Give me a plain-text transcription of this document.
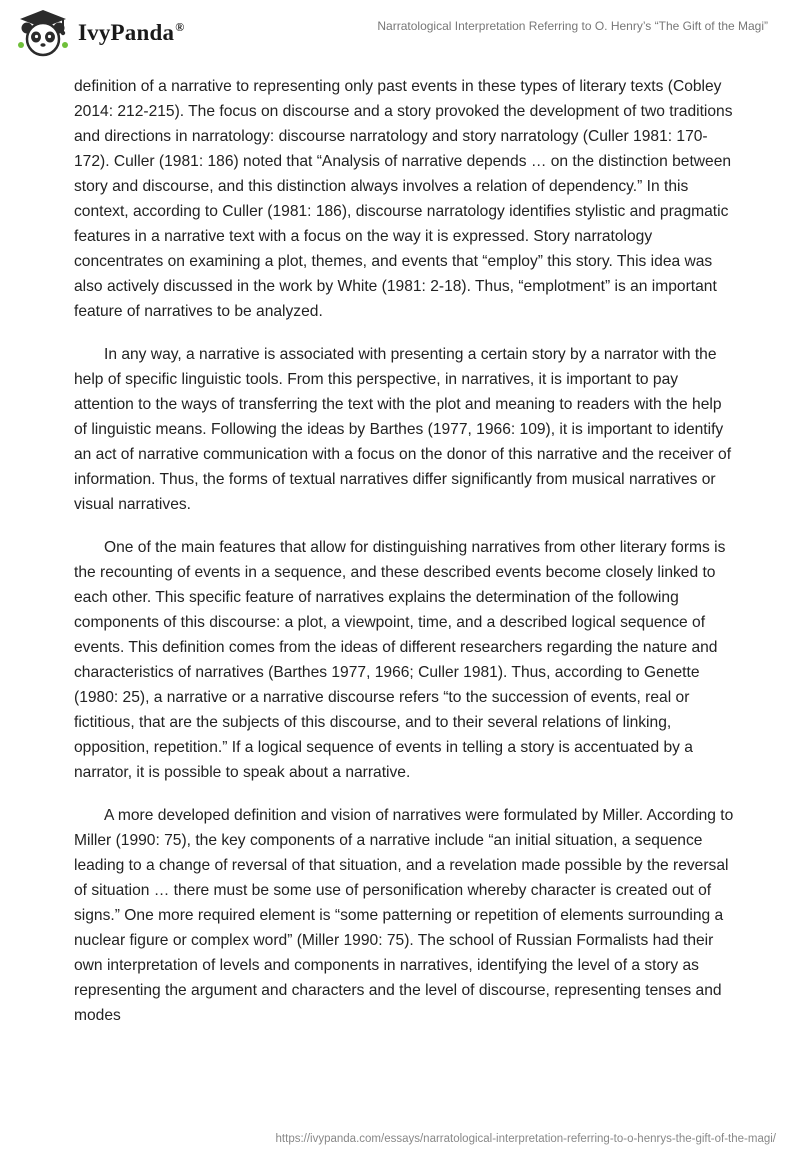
IvyPanda®	Narratological Interpretation Referring to O. Henry’s “The Gift of the Magi”

definition of a narrative to representing only past events in these types of literary texts (Cobley 2014: 212-215). The focus on discourse and a story provoked the development of two traditions and directions in narratology: discourse narratology and story narratology (Culler 1981: 170-172). Culler (1981: 186) noted that “Analysis of narrative depends … on the distinction between story and discourse, and this distinction always involves a relation of dependency.” In this context, according to Culler (1981: 186), discourse narratology identifies stylistic and pragmatic features in a narrative text with a focus on the way it is expressed. Story narratology concentrates on examining a plot, themes, and events that “employ” this story. This idea was also actively discussed in the work by White (1981: 2-18). Thus, “emplotment” is an important feature of narratives to be analyzed.

In any way, a narrative is associated with presenting a certain story by a narrator with the help of specific linguistic tools. From this perspective, in narratives, it is important to pay attention to the ways of transferring the text with the plot and meaning to readers with the help of linguistic means. Following the ideas by Barthes (1977, 1966: 109), it is important to identify an act of narrative communication with a focus on the donor of this narrative and the receiver of information. Thus, the forms of textual narratives differ significantly from musical narratives or visual narratives.

One of the main features that allow for distinguishing narratives from other literary forms is the recounting of events in a sequence, and these described events become closely linked to each other. This specific feature of narratives explains the determination of the following components of this discourse: a plot, a viewpoint, time, and a described logical sequence of events. This definition comes from the ideas of different researchers regarding the nature and characteristics of narratives (Barthes 1977, 1966; Culler 1981). Thus, according to Genette (1980: 25), a narrative or a narrative discourse refers “to the succession of events, real or fictitious, that are the subjects of this discourse, and to their several relations of linking, opposition, repetition.” If a logical sequence of events in telling a story is accentuated by a narrator, it is possible to speak about a narrative.

A more developed definition and vision of narratives were formulated by Miller. According to Miller (1990: 75), the key components of a narrative include “an initial situation, a sequence leading to a change of reversal of that situation, and a revelation made possible by the reversal of situation … there must be some use of personification whereby character is created out of signs.” One more required element is “some patterning or repetition of elements surrounding a nuclear figure or complex word” (Miller 1990: 75). The school of Russian Formalists had their own interpretation of levels and components in narratives, identifying the level of a story as representing the argument and characters and the level of discourse, representing tenses and modes

https://ivypanda.com/essays/narratological-interpretation-referring-to-o-henrys-the-gift-of-the-magi/
